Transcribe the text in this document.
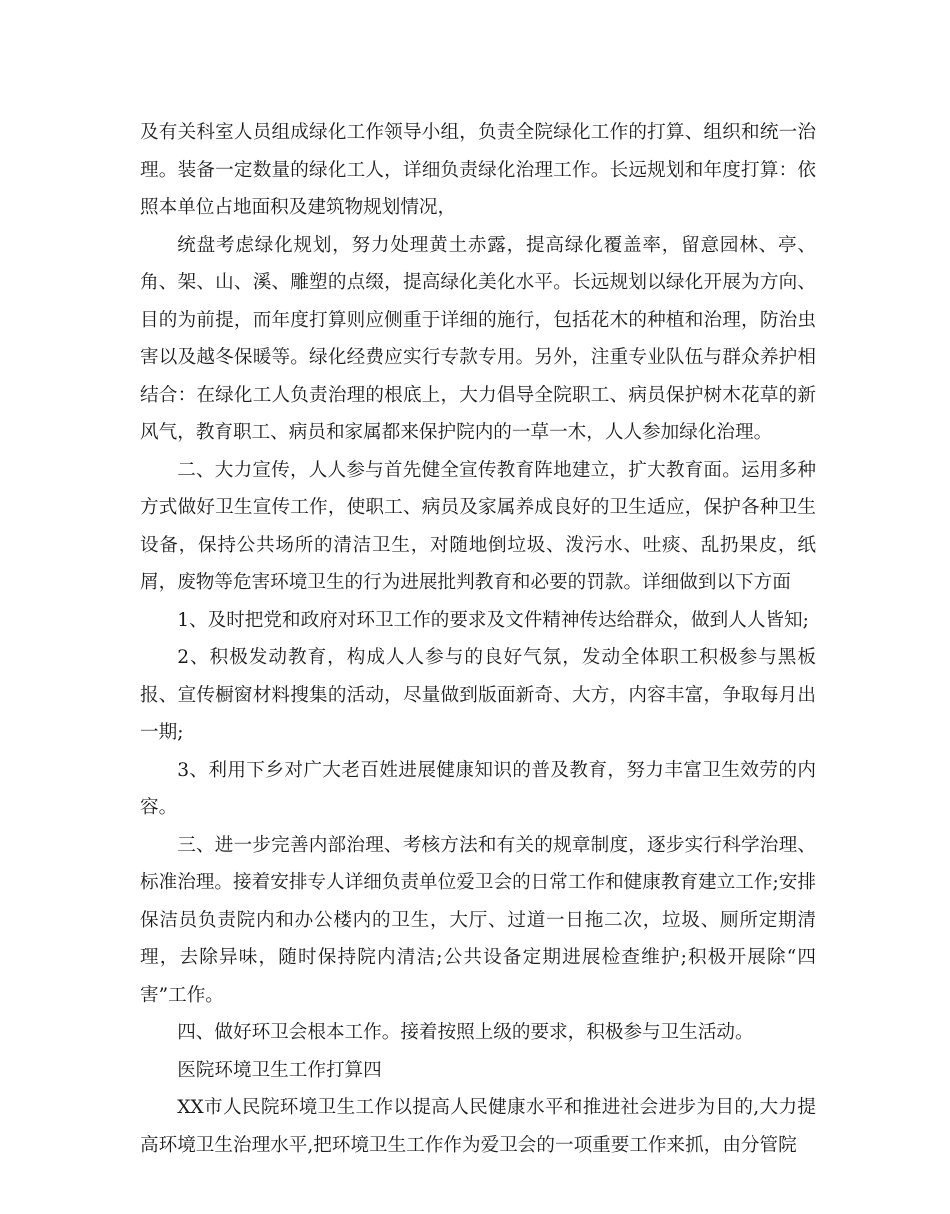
及有关科室人员组成绿化工作领导小组，负责全院绿化工作的打算、组织和统一治理。装备一定数量的绿化工人，详细负责绿化治理工作。长远规划和年度打算：依照本单位占地面积及建筑物规划情况，

统盘考虑绿化规划，努力处理黄土赤露，提高绿化覆盖率，留意园林、亭、角、架、山、溪、雕塑的点缀，提高绿化美化水平。长远规划以绿化开展为方向、目的为前提，而年度打算则应侧重于详细的施行，包括花木的种植和治理，防治虫害以及越冬保暖等。绿化经费应实行专款专用。另外，注重专业队伍与群众养护相结合：在绿化工人负责治理的根底上，大力倡导全院职工、病员保护树木花草的新风气，教育职工、病员和家属都来保护院内的一草一木，人人参加绿化治理。

二、大力宣传，人人参与首先健全宣传教育阵地建立，扩大教育面。运用多种方式做好卫生宣传工作，使职工、病员及家属养成良好的卫生适应，保护各种卫生设备，保持公共场所的清洁卫生，对随地倒垃圾、泼污水、吐痰、乱扔果皮，纸屑，废物等危害环境卫生的行为进展批判教育和必要的罚款。详细做到以下方面

1、及时把党和政府对环卫工作的要求及文件精神传达给群众，做到人人皆知;

2、积极发动教育，构成人人参与的良好气氛，发动全体职工积极参与黑板报、宣传橱窗材料搜集的活动，尽量做到版面新奇、大方，内容丰富，争取每月出一期;

3、利用下乡对广大老百姓进展健康知识的普及教育，努力丰富卫生效劳的内容。

三、进一步完善内部治理、考核方法和有关的规章制度，逐步实行科学治理、标准治理。接着安排专人详细负责单位爱卫会的日常工作和健康教育建立工作;安排保洁员负责院内和办公楼内的卫生，大厅、过道一日拖二次，垃圾、厕所定期清理，去除异味，随时保持院内清洁;公共设备定期进展检查维护;积极开展除“四害”工作。

四、做好环卫会根本工作。接着按照上级的要求，积极参与卫生活动。

医院环境卫生工作打算四

XX市人民院环境卫生工作以提高人民健康水平和推进社会进步为目的,大力提高环境卫生治理水平,把环境卫生工作作为爱卫会的一项重要工作来抓，由分管院
